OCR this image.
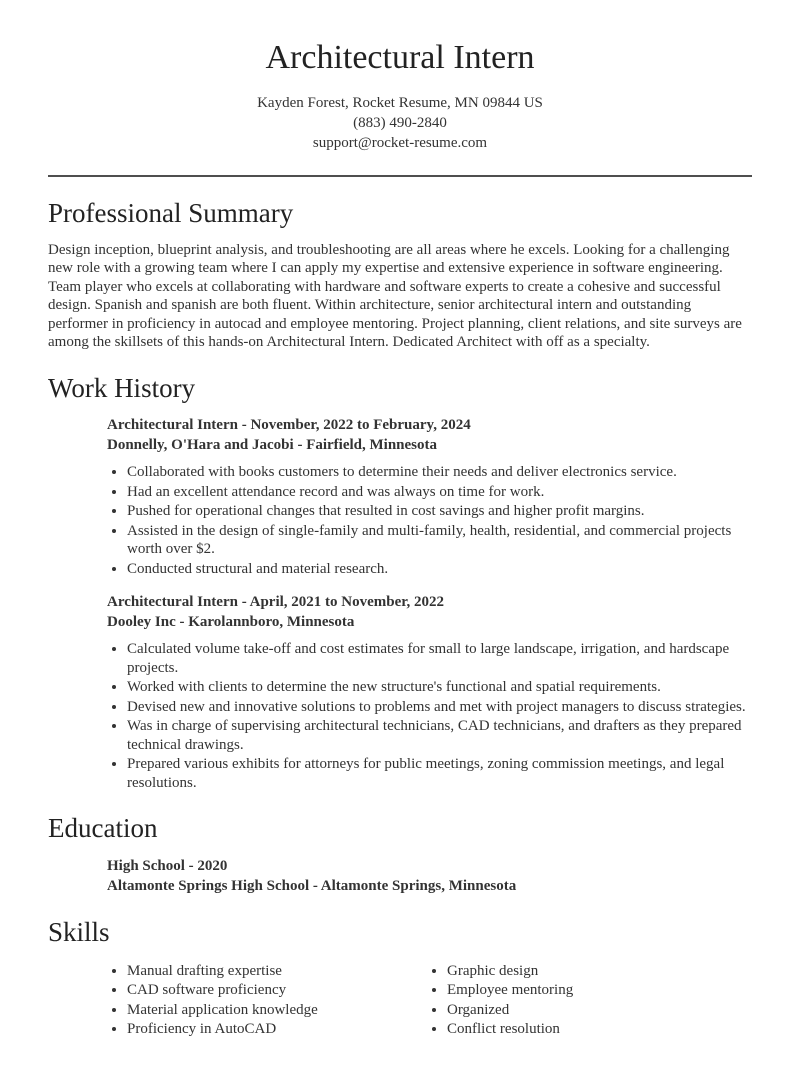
Architectural Intern

Kayden Forest, Rocket Resume, MN 09844 US

(883) 490-2840

support@rocket-resume.com

Professional Summary

Design inception, blueprint analysis, and troubleshooting are all areas where he excels. Looking for a challenging new role with a growing team where I can apply my expertise and extensive experience in software engineering. Team player who excels at collaborating with hardware and software experts to create a cohesive and successful design. Spanish and spanish are both fluent. Within architecture, senior architectural intern and outstanding performer in proficiency in autocad and employee mentoring. Project planning, client relations, and site surveys are among the skillsets of this hands-on Architectural Intern. Dedicated Architect with off as a specialty.

Work History

Architectural Intern - November, 2022 to February, 2024

Donnelly, O'Hara and Jacobi - Fairfield, Minnesota

• Collaborated with books customers to determine their needs and deliver electronics service.
• Had an excellent attendance record and was always on time for work.
• Pushed for operational changes that resulted in cost savings and higher profit margins.
• Assisted in the design of single-family and multi-family, health, residential, and commercial projects worth over $2.
• Conducted structural and material research.

Architectural Intern - April, 2021 to November, 2022

Dooley Inc - Karolannboro, Minnesota

• Calculated volume take-off and cost estimates for small to large landscape, irrigation, and hardscape projects.
• Worked with clients to determine the new structure's functional and spatial requirements.
• Devised new and innovative solutions to problems and met with project managers to discuss strategies.
• Was in charge of supervising architectural technicians, CAD technicians, and drafters as they prepared technical drawings.
• Prepared various exhibits for attorneys for public meetings, zoning commission meetings, and legal resolutions.
Education

High School - 2020

Altamonte Springs High School - Altamonte Springs, Minnesota

Skills
• Manual drafting expertise
• CAD software proficiency
• Material application knowledge
• Proficiency in AutoCAD
• Graphic design
• Employee mentoring
• Organized
• Conflict resolution
